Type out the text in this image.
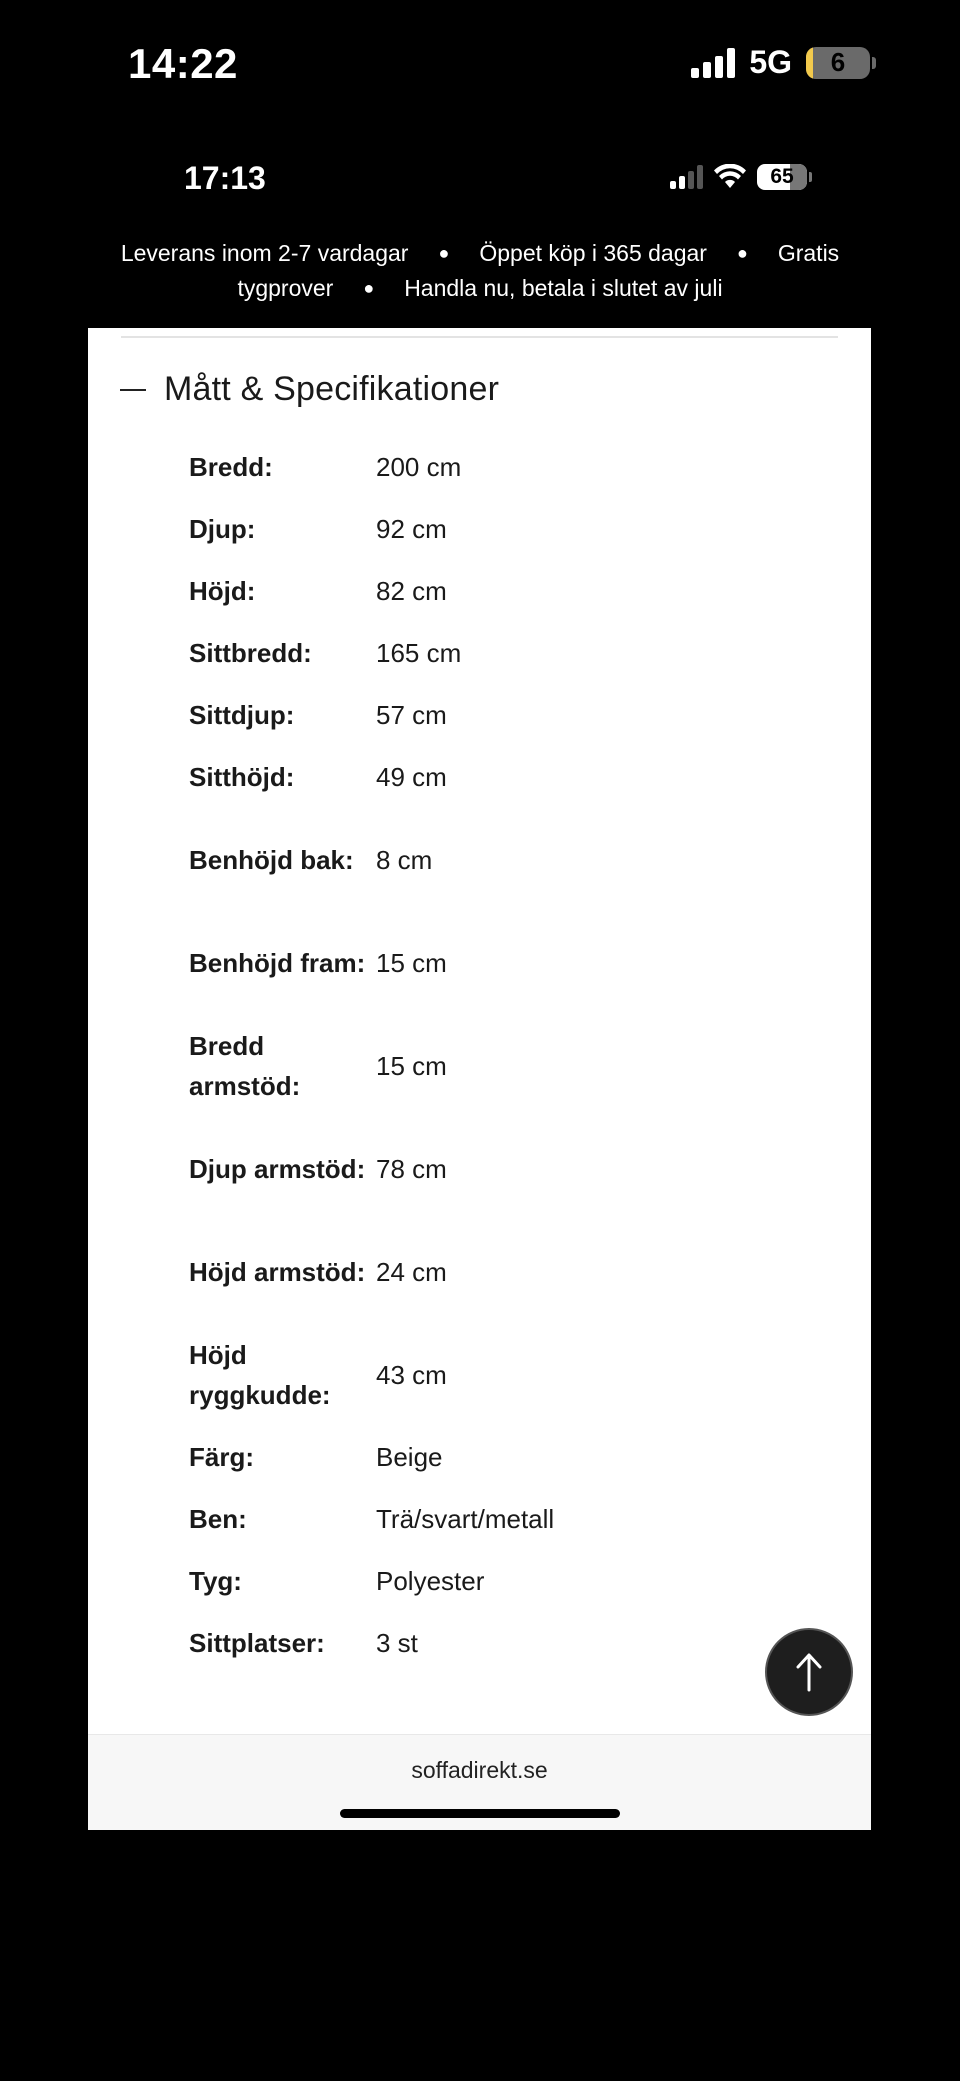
14:22	5G 6
17:13	65
Leverans inom 2-7 vardagar ● Öppet köp i 365 dagar ● Gratis tygprover ● Handla nu, betala i slutet av juli
Mått & Specifikationer
Bredd:	200 cm
Djup:	92 cm
Höjd:	82 cm
Sittbredd:	165 cm
Sittdjup:	57 cm
Sitthöjd:	49 cm
Benhöjd bak: 8 cm
Benhöjd fram: 15 cm
Bredd armstöd:
15 cm
Djup armstöd: 78 cm
Höjd armstöd: 24 cm
Höjd ryggkudde:
43 cm
Färg:	Beige
Ben:	Trä/svart/metall
Tyg:	Polyester
Sittplatser:	3 st
soffadirekt.se
